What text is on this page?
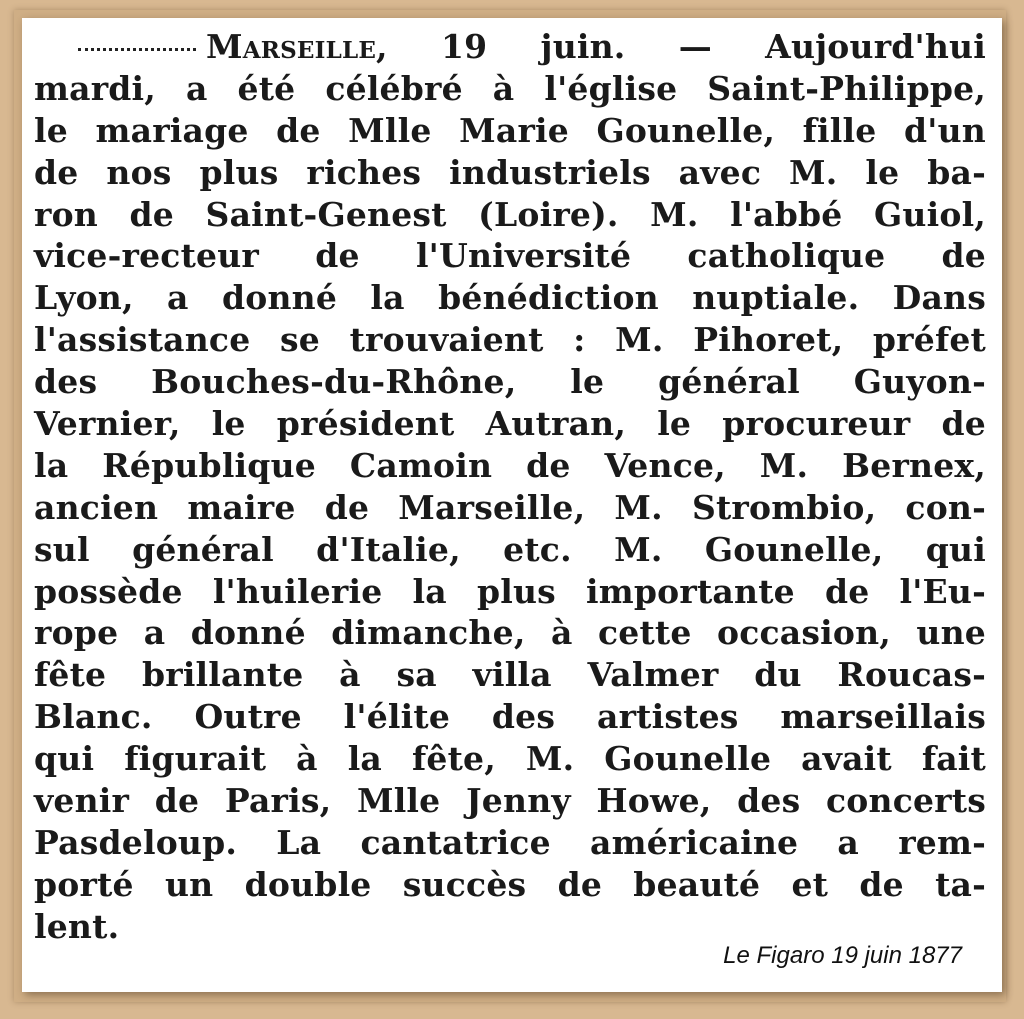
Marseille, 19 juin. — Aujourd'hui
mardi, a été célébré à l'église Saint-Philippe,
le mariage de Mlle Marie Gounelle, fille d'un
de nos plus riches industriels avec M. le ba-
ron de Saint-Genest (Loire). M. l'abbé Guiol,
vice-recteur de l'Université catholique de
Lyon, a donné la bénédiction nuptiale. Dans
l'assistance se trouvaient : M. Pihoret, préfet
des Bouches-du-Rhône, le général Guyon-
Vernier, le président Autran, le procureur de
la République Camoin de Vence, M. Bernex,
ancien maire de Marseille, M. Strombio, con-
sul général d'Italie, etc. M. Gounelle, qui
possède l'huilerie la plus importante de l'Eu-
rope a donné dimanche, à cette occasion, une
fête brillante à sa villa Valmer du Roucas-
Blanc. Outre l'élite des artistes marseillais
qui figurait à la fête, M. Gounelle avait fait
venir de Paris, Mlle Jenny Howe, des concerts
Pasdeloup. La cantatrice américaine a rem-
porté un double succès de beauté et de ta-
lent.
Le Figaro 19 juin 1877
